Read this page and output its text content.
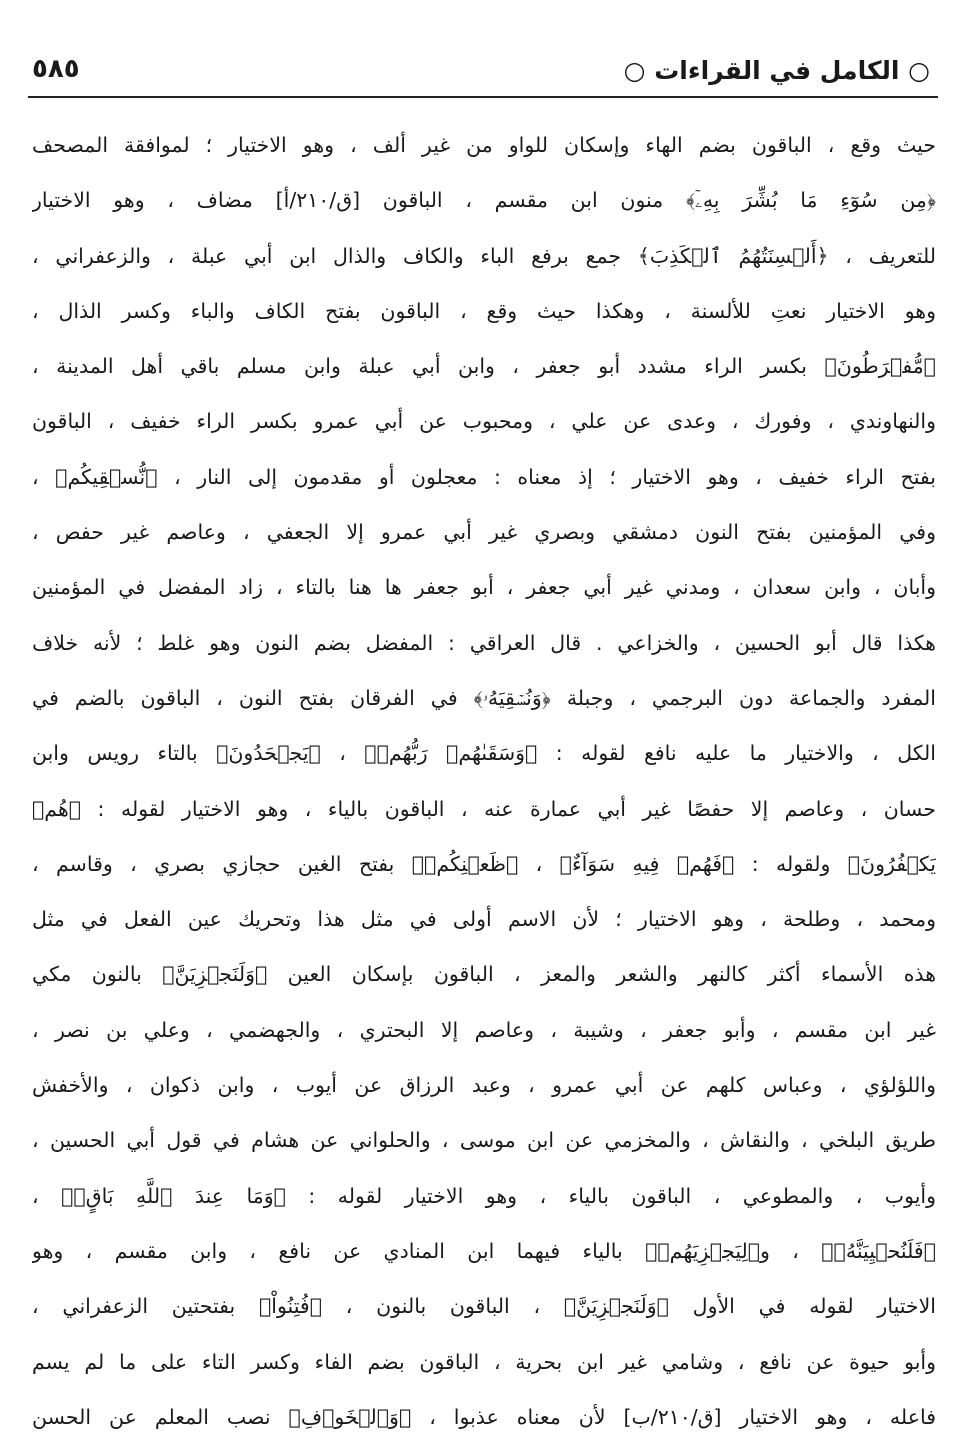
○ الكامل في القراءات ○
٥٨٥
حيث وقع ، الباقون بضم الهاء وإسكان للواو من غير ألف ، وهو الاختيار ؛ لموافقة المصحف
﴿مِن سُوٓءِ مَا بُشِّرَ بِهِۦٓ﴾ منون ابن مقسم ، الباقون [ق/٢١٠/أ] مضاف ، وهو الاختيار
للتعريف ، ﴿أَلۡسِنَتُهُمُ ٱلۡكَذِبَ﴾ جمع برفع الباء والكاف والذال ابن أبي عبلة ، والزعفراني ،
وهو الاختيار نعتِ للألسنة ، وهكذا حيث وقع ، الباقون بفتح الكاف والباء وكسر الذال ،
﴿مُّفۡرَطُونَ﴾ بكسر الراء مشدد أبو جعفر ، وابن أبي عبلة وابن مسلم باقي أهل المدينة ،
والنهاوندي ، وفورك ، وعدى عن علي ، ومحبوب عن أبي عمرو بكسر الراء خفيف ، الباقون
بفتح الراء خفيف ، وهو الاختيار ؛ إذ معناه : معجلون أو مقدمون إلى النار ، ﴿نُّسۡقِيكُم﴾ ،
وفي المؤمنين بفتح النون دمشقي وبصري غير أبي عمرو إلا الجعفي ، وعاصم غير حفص ،
وأبان ، وابن سعدان ، ومدني غير أبي جعفر ، أبو جعفر ها هنا بالتاء ، زاد المفضل في المؤمنين
هكذا قال أبو الحسين ، والخزاعي . قال العراقي : المفضل بضم النون وهو غلط ؛ لأنه خلاف
المفرد والجماعة دون البرجمي ، وجبلة ﴿وَنُسۡقِيَهُۥ﴾ في الفرقان بفتح النون ، الباقون بالضم في
الكل ، والاختيار ما عليه نافع لقوله : ﴿وَسَقَىٰهُمۡ رَبُّهُمۡ﴾ ، ﴿يَجۡحَدُونَ﴾ بالتاء رويس وابن
حسان ، وعاصم إلا حفصًا غير أبي عمارة عنه ، الباقون بالياء ، وهو الاختيار لقوله : ﴿هُمۡ
يَكۡفُرُونَ﴾ ولقوله : ﴿فَهُمۡ فِيهِ سَوَآءٌ﴾ ، ﴿ظَعۡنِكُمۡ﴾ بفتح الغين حجازي بصري ، وقاسم ،
ومحمد ، وطلحة ، وهو الاختيار ؛ لأن الاسم أولى في مثل هذا وتحريك عين الفعل في مثل
هذه الأسماء أكثر كالنهر والشعر والمعز ، الباقون بإسكان العين ﴿وَلَنَجۡزِيَنَّ﴾ بالنون مكي
غير ابن مقسم ، وأبو جعفر ، وشيبة ، وعاصم إلا البحتري ، والجهضمي ، وعلي بن نصر ،
واللؤلؤي ، وعباس كلهم عن أبي عمرو ، وعبد الرزاق عن أيوب ، وابن ذكوان ، والأخفش
طريق البلخي ، والنقاش ، والمخزمي عن ابن موسى ، والحلواني عن هشام في قول أبي الحسين ،
وأيوب ، والمطوعي ، الباقون بالياء ، وهو الاختيار لقوله : ﴿وَمَا عِندَ ٱللَّهِ بَاقٍۗ﴾ ،
﴿فَلَنُحۡيِيَنَّهُۥ﴾ ، و﴿لِيَجۡزِيَهُمۡ﴾ بالياء فيهما ابن المنادي عن نافع ، وابن مقسم ، وهو
الاختيار لقوله في الأول ﴿وَلَنَجۡزِيَنَّ﴾ ، الباقون بالنون ، ﴿فُتِنُواْ﴾ بفتحتين الزعفراني ،
وأبو حيوة عن نافع ، وشامي غير ابن بحرية ، الباقون بضم الفاء وكسر التاء على ما لم يسم
فاعله ، وهو الاختيار [ق/٢١٠/ب] لأن معناه عذبوا ، ﴿وَٱلۡخَوۡفِ﴾ نصب المعلم عن الحسن
